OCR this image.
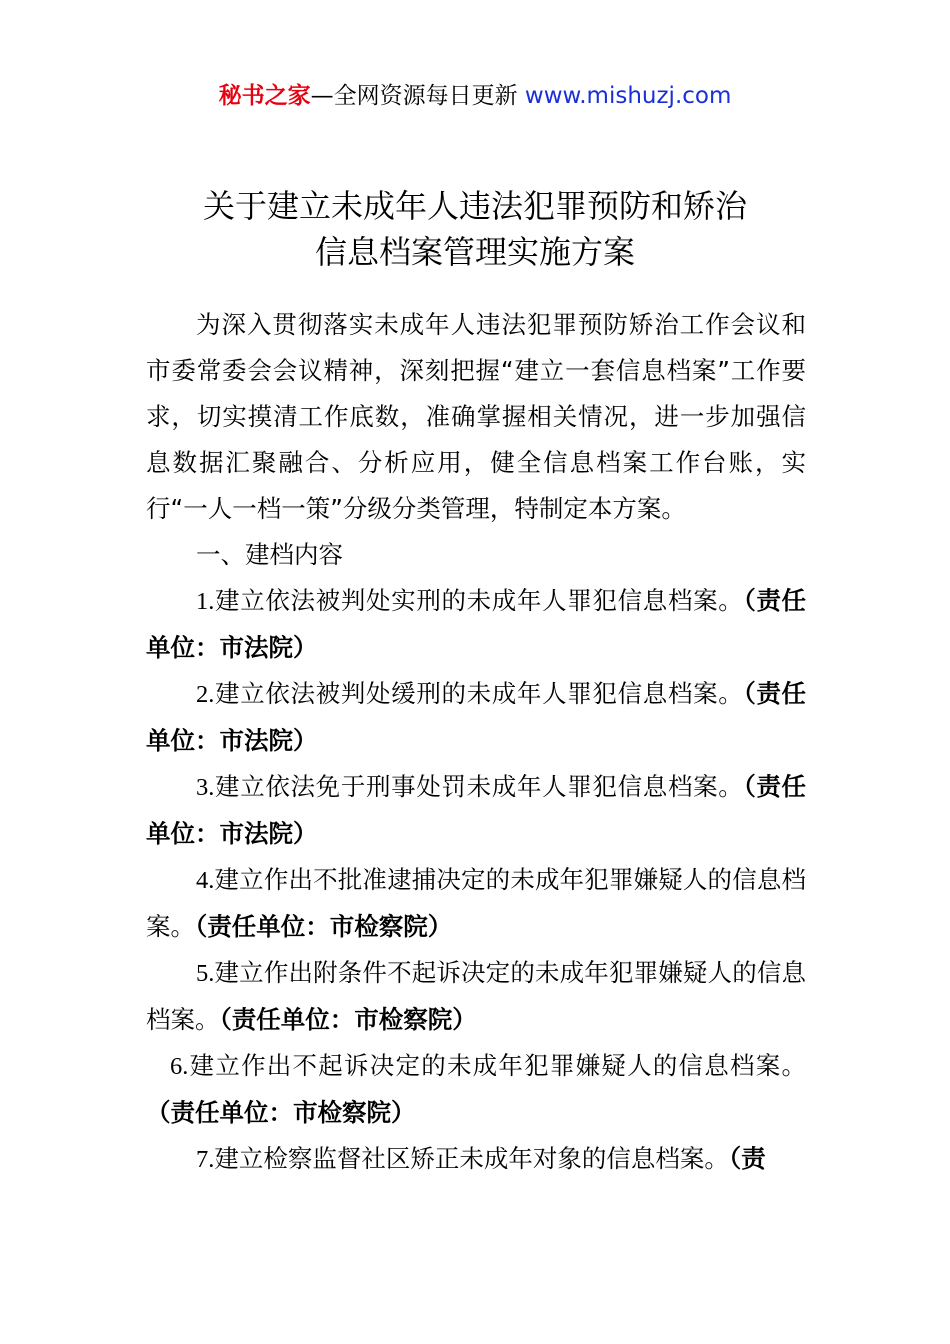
秘书之家—全网资源每日更新 www.mishuzj.com
关于建立未成年人违法犯罪预防和矫治
信息档案管理实施方案

为深入贯彻落实未成年人违法犯罪预防矫治工作会议和市委常委会会议精神，深刻把握“建立一套信息档案”工作要求，切实摸清工作底数，准确掌握相关情况，进一步加强信息数据汇聚融合、分析应用，健全信息档案工作台账，实行“一人一档一策”分级分类管理，特制定本方案。

一、建档内容

1.建立依法被判处实刑的未成年人罪犯信息档案。（责任单位：市法院）

2.建立依法被判处缓刑的未成年人罪犯信息档案。（责任单位：市法院）

3.建立依法免于刑事处罚未成年人罪犯信息档案。（责任单位：市法院）

4.建立作出不批准逮捕决定的未成年犯罪嫌疑人的信息档案。（责任单位：市检察院）

5.建立作出附条件不起诉决定的未成年犯罪嫌疑人的信息档案。（责任单位：市检察院）

6.建立作出不起诉决定的未成年犯罪嫌疑人的信息档案。（责任单位：市检察院）

7.建立检察监督社区矫正未成年对象的信息档案。（责
